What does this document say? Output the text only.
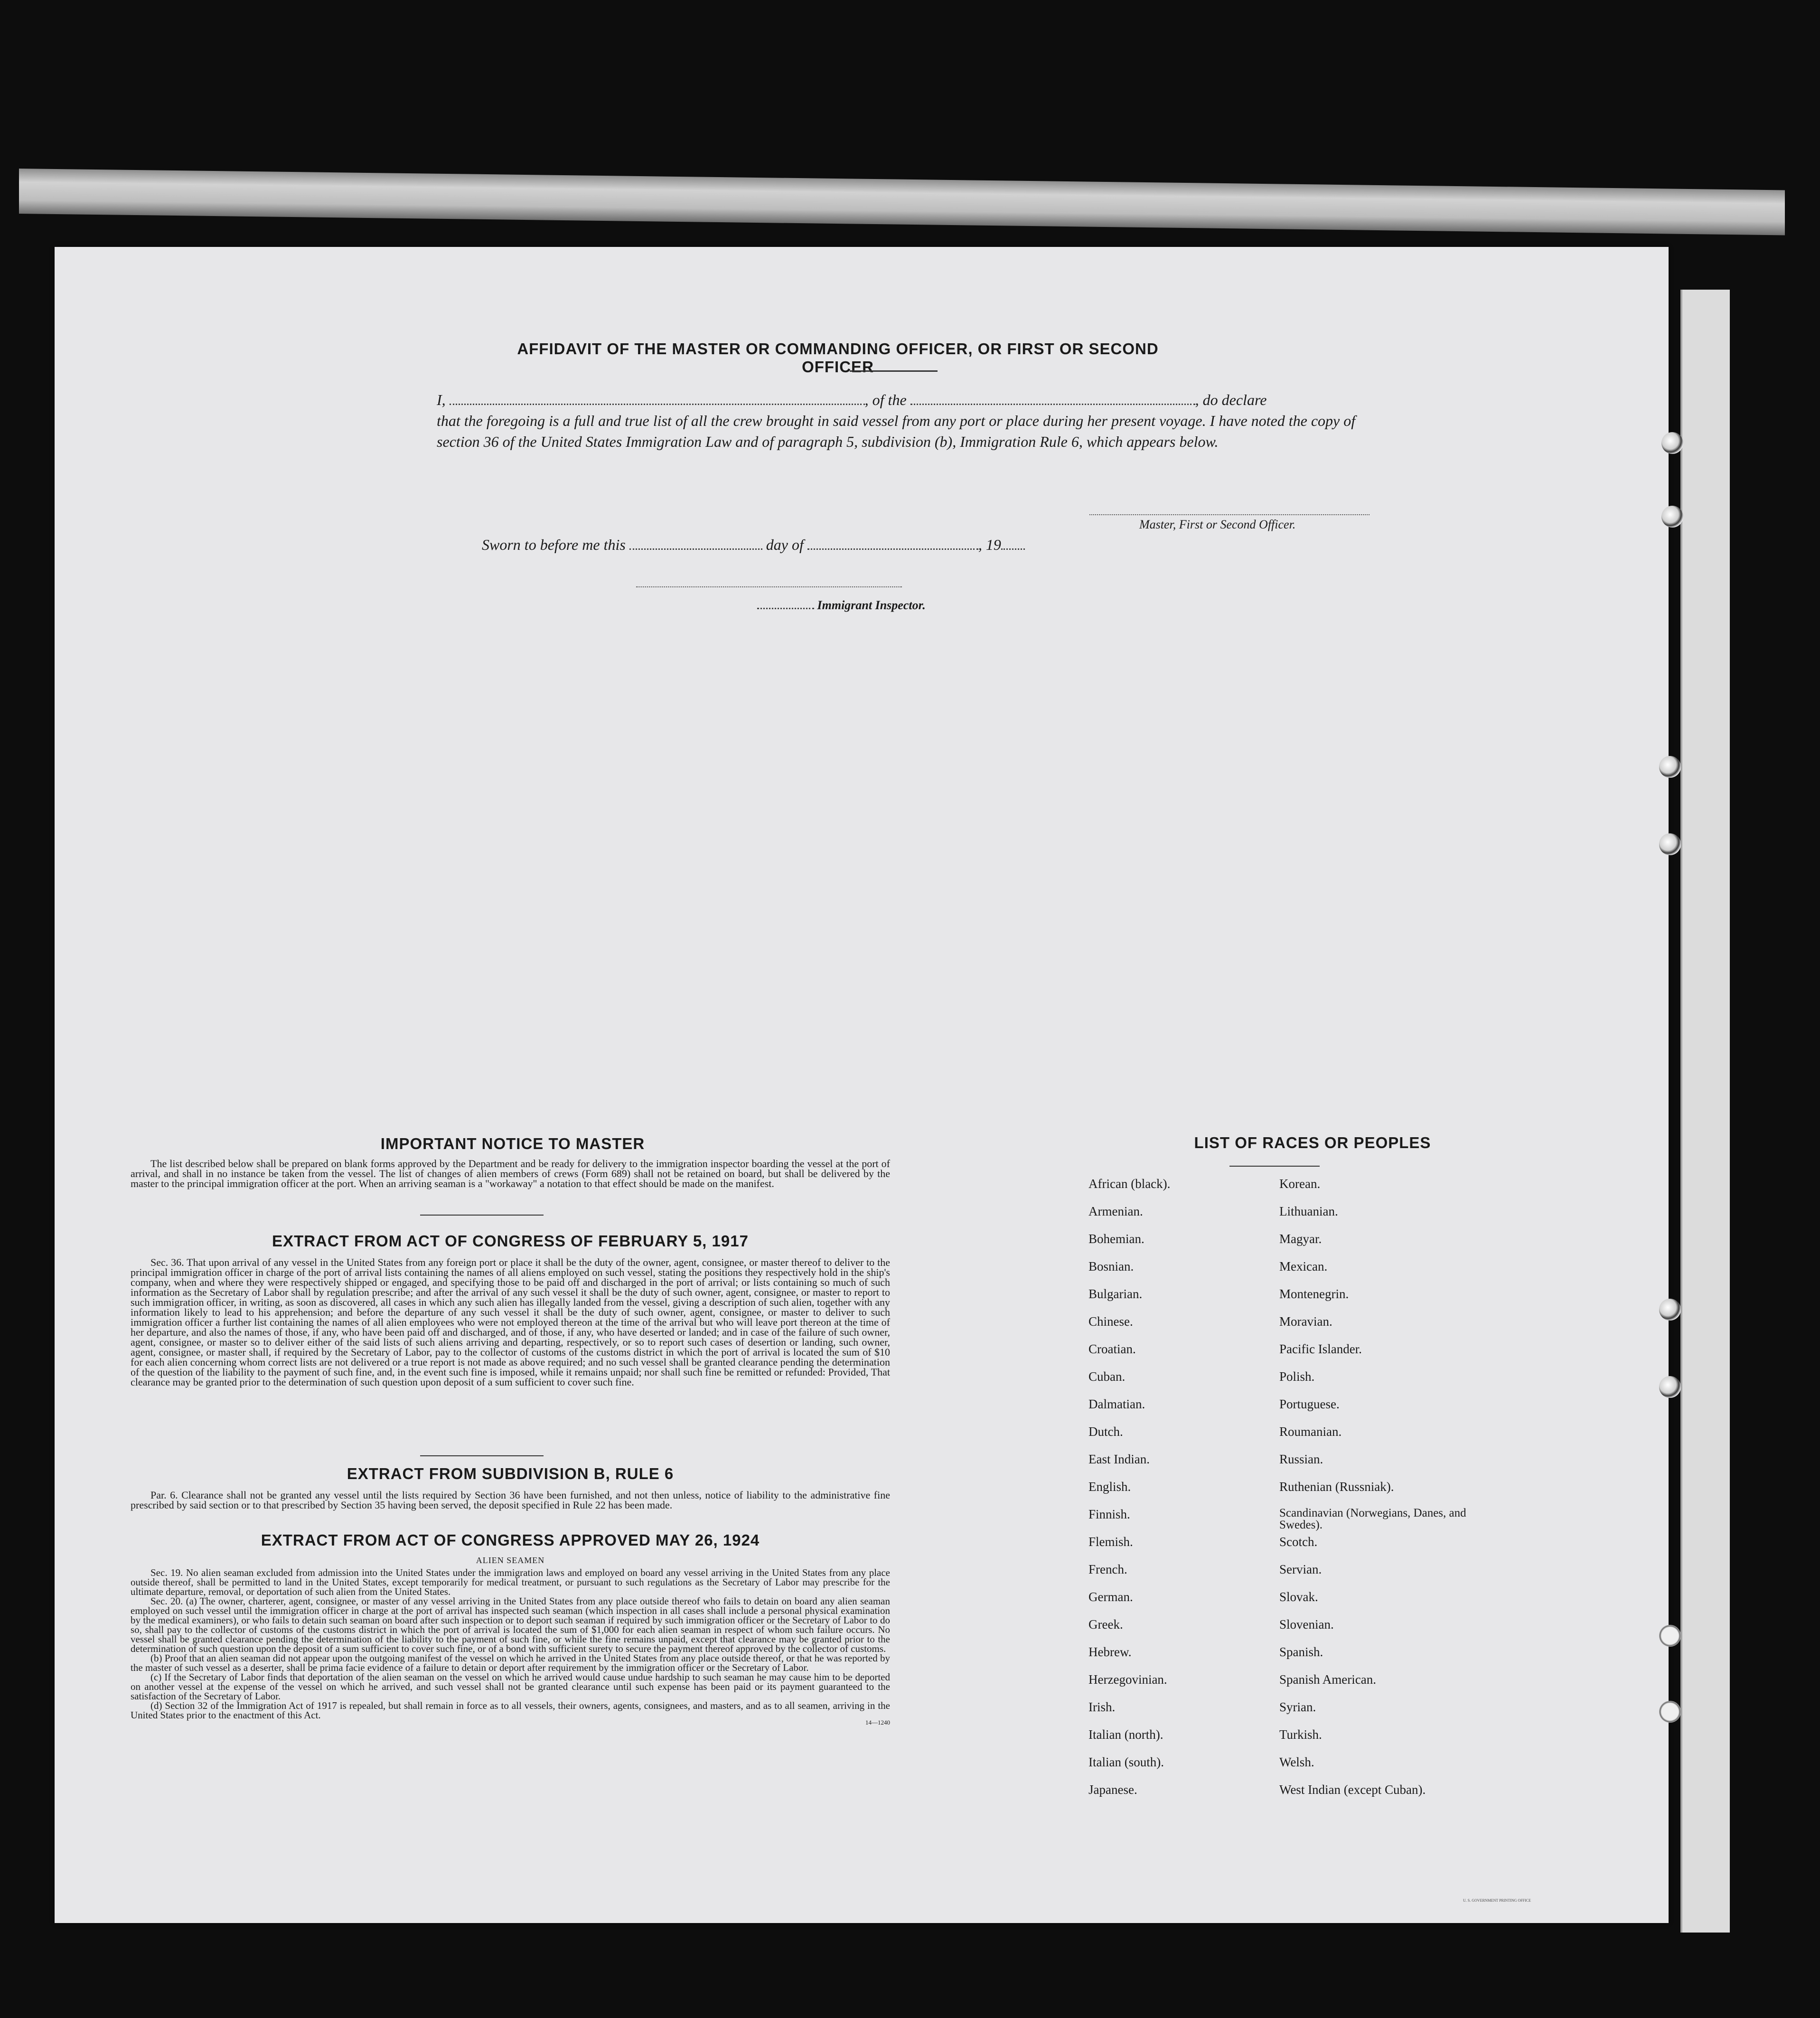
AFFIDAVIT OF THE MASTER OR COMMANDING OFFICER, OR FIRST OR SECOND OFFICER
I,	, of the	, do declare
that the foregoing is a full and true list of all the crew brought in said vessel from any port or place during her present voyage. I have noted the copy of section 36 of the United States Immigration Law and of paragraph 5, subdivision (b), Immigration Rule 6, which appears below.
Master, First or Second Officer.
Sworn to before me this	day of	, 19
Immigrant Inspector.
IMPORTANT NOTICE TO MASTER

The list described below shall be prepared on blank forms approved by the Department and be ready for delivery to the immigration inspector boarding the vessel at the port of arrival, and shall in no instance be taken from the vessel. The list of changes of alien members of crews (Form 689) shall not be retained on board, but shall be delivered by the master to the principal immigration officer at the port. When an arriving seaman is a "workaway" a notation to that effect should be made on the manifest.

EXTRACT FROM ACT OF CONGRESS OF FEBRUARY 5, 1917

Sec. 36. That upon arrival of any vessel in the United States from any foreign port or place it shall be the duty of the owner, agent, consignee, or master thereof to deliver to the principal immigration officer in charge of the port of arrival lists containing the names of all aliens employed on such vessel, stating the positions they respectively hold in the ship's company, when and where they were respectively shipped or engaged, and specifying those to be paid off and discharged in the port of arrival; or lists containing so much of such information as the Secretary of Labor shall by regulation prescribe; and after the arrival of any such vessel it shall be the duty of such owner, agent, consignee, or master to report to such immigration officer, in writing, as soon as discovered, all cases in which any such alien has illegally landed from the vessel, giving a description of such alien, together with any information likely to lead to his apprehension; and before the departure of any such vessel it shall be the duty of such owner, agent, consignee, or master to deliver to such immigration officer a further list containing the names of all alien employees who were not employed thereon at the time of the arrival but who will leave port thereon at the time of her departure, and also the names of those, if any, who have been paid off and discharged, and of those, if any, who have deserted or landed; and in case of the failure of such owner, agent, consignee, or master so to deliver either of the said lists of such aliens arriving and departing, respectively, or so to report such cases of desertion or landing, such owner, agent, consignee, or master shall, if required by the Secretary of Labor, pay to the collector of customs of the customs district in which the port of arrival is located the sum of $10 for each alien concerning whom correct lists are not delivered or a true report is not made as above required; and no such vessel shall be granted clearance pending the determination of the question of the liability to the payment of such fine, and, in the event such fine is imposed, while it remains unpaid; nor shall such fine be remitted or refunded: Provided, That clearance may be granted prior to the determination of such question upon deposit of a sum sufficient to cover such fine.

EXTRACT FROM SUBDIVISION B, RULE 6

Par. 6. Clearance shall not be granted any vessel until the lists required by Section 36 have been furnished, and not then unless, notice of liability to the administrative fine prescribed by said section or to that prescribed by Section 35 having been served, the deposit specified in Rule 22 has been made.

EXTRACT FROM ACT OF CONGRESS APPROVED MAY 26, 1924

ALIEN SEAMEN

Sec. 19. No alien seaman excluded from admission into the United States under the immigration laws and employed on board any vessel arriving in the United States from any place outside thereof, shall be permitted to land in the United States, except temporarily for medical treatment, or pursuant to such regulations as the Secretary of Labor may prescribe for the ultimate departure, removal, or deportation of such alien from the United States.

Sec. 20. (a) The owner, charterer, agent, consignee, or master of any vessel arriving in the United States from any place outside thereof who fails to detain on board any alien seaman employed on such vessel until the immigration officer in charge at the port of arrival has inspected such seaman (which inspection in all cases shall include a personal physical examination by the medical examiners), or who fails to detain such seaman on board after such inspection or to deport such seaman if required by such immigration officer or the Secretary of Labor to do so, shall pay to the collector of customs of the customs district in which the port of arrival is located the sum of $1,000 for each alien seaman in respect of whom such failure occurs. No vessel shall be granted clearance pending the determination of the liability to the payment of such fine, or while the fine remains unpaid, except that clearance may be granted prior to the determination of such question upon the deposit of a sum sufficient to cover such fine, or of a bond with sufficient surety to secure the payment thereof approved by the collector of customs.

(b) Proof that an alien seaman did not appear upon the outgoing manifest of the vessel on which he arrived in the United States from any place outside thereof, or that he was reported by the master of such vessel as a deserter, shall be prima facie evidence of a failure to detain or deport after requirement by the immigration officer or the Secretary of Labor.

(c) If the Secretary of Labor finds that deportation of the alien seaman on the vessel on which he arrived would cause undue hardship to such seaman he may cause him to be deported on another vessel at the expense of the vessel on which he arrived, and such vessel shall not be granted clearance until such expense has been paid or its payment guaranteed to the satisfaction of the Secretary of Labor.

(d) Section 32 of the Immigration Act of 1917 is repealed, but shall remain in force as to all vessels, their owners, agents, consignees, and masters, and as to all seamen, arriving in the United States prior to the enactment of this Act.

14—1240
LIST OF RACES OR PEOPLES
African (black).
Armenian.
Bohemian.
Bosnian.
Bulgarian.
Chinese.
Croatian.
Cuban.
Dalmatian.
Dutch.
East Indian.
English.
Finnish.
Flemish.
French.
German.
Greek.
Hebrew.
Herzegovinian.
Irish.
Italian (north).
Italian (south).
Japanese.
Korean.
Lithuanian.
Magyar.
Mexican.
Montenegrin.
Moravian.
Pacific Islander.
Polish.
Portuguese.
Roumanian.
Russian.
Ruthenian (Russniak).
Scandinavian (Norwegians, Danes, and Swedes).
Scotch.
Servian.
Slovak.
Slovenian.
Spanish.
Spanish American.
Syrian.
Turkish.
Welsh.
West Indian (except Cuban).
U. S. GOVERNMENT PRINTING OFFICE
